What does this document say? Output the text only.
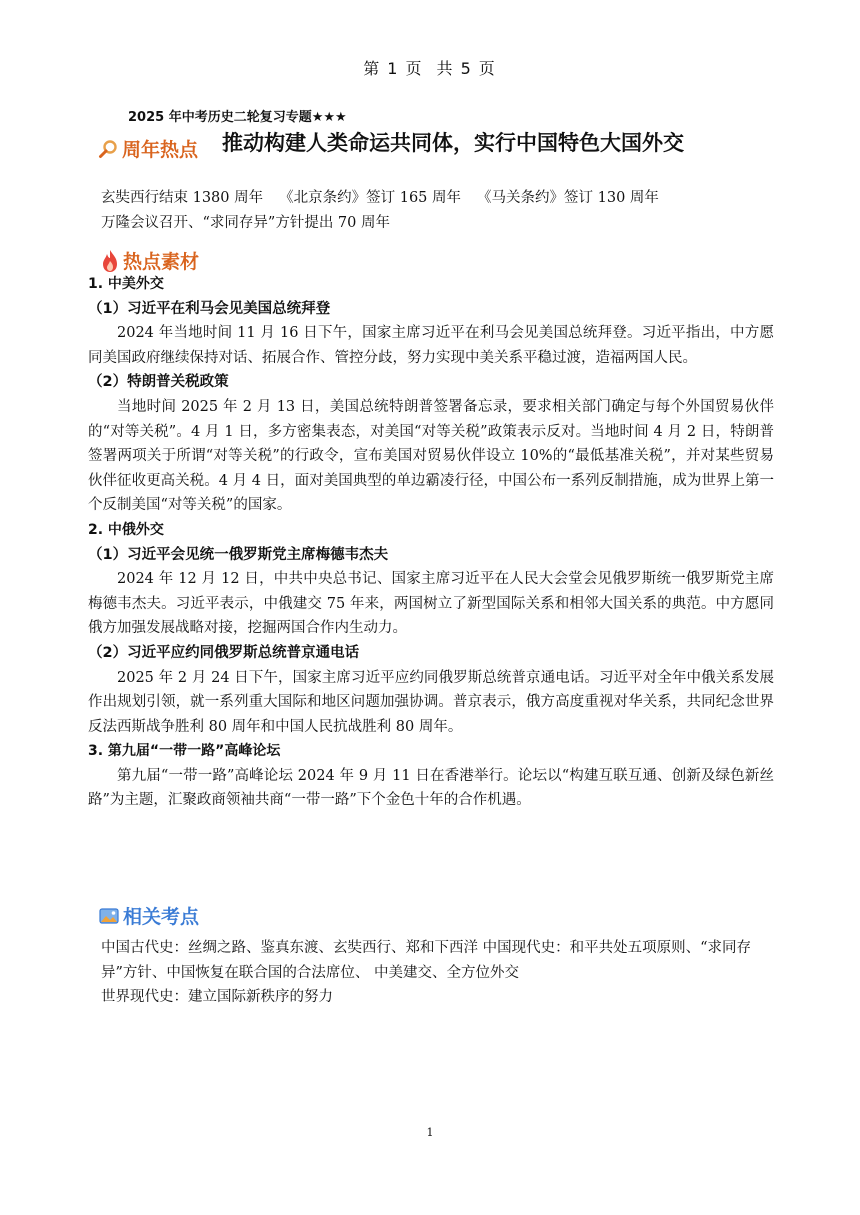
第 1 页 共 5 页
2025 年中考历史二轮复习专题★★★
周年热点 推动构建人类命运共同体，实行中国特色大国外交
玄奘西行结束 1380 周年 《北京条约》签订 165 周年 《马关条约》签订 130 周年
万隆会议召开、“求同存异”方针提出 70 周年
热点素材

1. 中美外交

（1）习近平在利马会见美国总统拜登

2024 年当地时间 11 月 16 日下午，国家主席习近平在利马会见美国总统拜登。习近平指出，中方愿同美国政府继续保持对话、拓展合作、管控分歧，努力实现中美关系平稳过渡，造福两国人民。

（2）特朗普关税政策

当地时间 2025 年 2 月 13 日，美国总统特朗普签署备忘录，要求相关部门确定与每个外国贸易伙伴的“对等关税”。4 月 1 日，多方密集表态，对美国“对等关税”政策表示反对。当地时间 4 月 2 日，特朗普签署两项关于所谓“对等关税”的行政令，宣布美国对贸易伙伴设立 10%的“最低基准关税”，并对某些贸易伙伴征收更高关税。4 月 4 日，面对美国典型的单边霸凌行径，中国公布一系列反制措施，成为世界上第一个反制美国“对等关税”的国家。

2. 中俄外交

（1）习近平会见统一俄罗斯党主席梅德韦杰夫

2024 年 12 月 12 日，中共中央总书记、国家主席习近平在人民大会堂会见俄罗斯统一俄罗斯党主席梅德韦杰夫。习近平表示，中俄建交 75 年来，两国树立了新型国际关系和相邻大国关系的典范。中方愿同俄方加强发展战略对接，挖掘两国合作内生动力。

（2）习近平应约同俄罗斯总统普京通电话

2025 年 2 月 24 日下午，国家主席习近平应约同俄罗斯总统普京通电话。习近平对全年中俄关系发展作出规划引领，就一系列重大国际和地区问题加强协调。普京表示，俄方高度重视对华关系，共同纪念世界反法西斯战争胜利 80 周年和中国人民抗战胜利 80 周年。

3. 第九届“一带一路”高峰论坛

第九届“一带一路”高峰论坛 2024 年 9 月 11 日在香港举行。论坛以“构建互联互通、创新及绿色新丝路”为主题，汇聚政商领袖共商“一带一路”下个金色十年的合作机遇。

相关考点
中国古代史：丝绸之路、鉴真东渡、玄奘西行、郑和下西洋 中国现代史：和平共处五项原则、“求同存异”方针、中国恢复在联合国的合法席位、 中美建交、全方位外交
世界现代史：建立国际新秩序的努力
1
